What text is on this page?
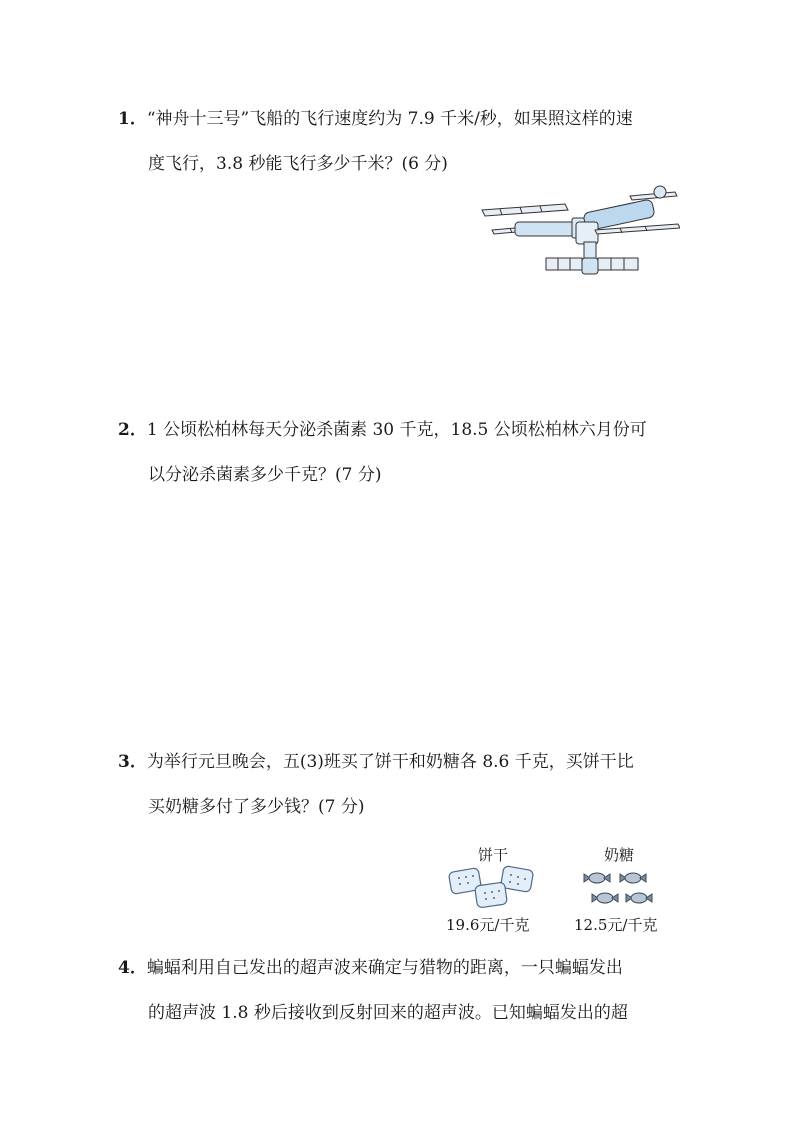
1．“神舟十三号”飞船的飞行速度约为 7.9 千米/秒，如果照这样的速
度飞行，3.8 秒能飞行多少千米？(6 分)
2．1 公顷松柏林每天分泌杀菌素 30 千克，18.5 公顷松柏林六月份可
以分泌杀菌素多少千克？(7 分)
3．为举行元旦晚会，五(3)班买了饼干和奶糖各 8.6 千克，买饼干比
买奶糖多付了多少钱？(7 分)
饼干
19.6元/千克
奶糖
12.5元/千克
4．蝙蝠利用自己发出的超声波来确定与猎物的距离，一只蝙蝠发出
的超声波 1.8 秒后接收到反射回来的超声波。已知蝙蝠发出的超
